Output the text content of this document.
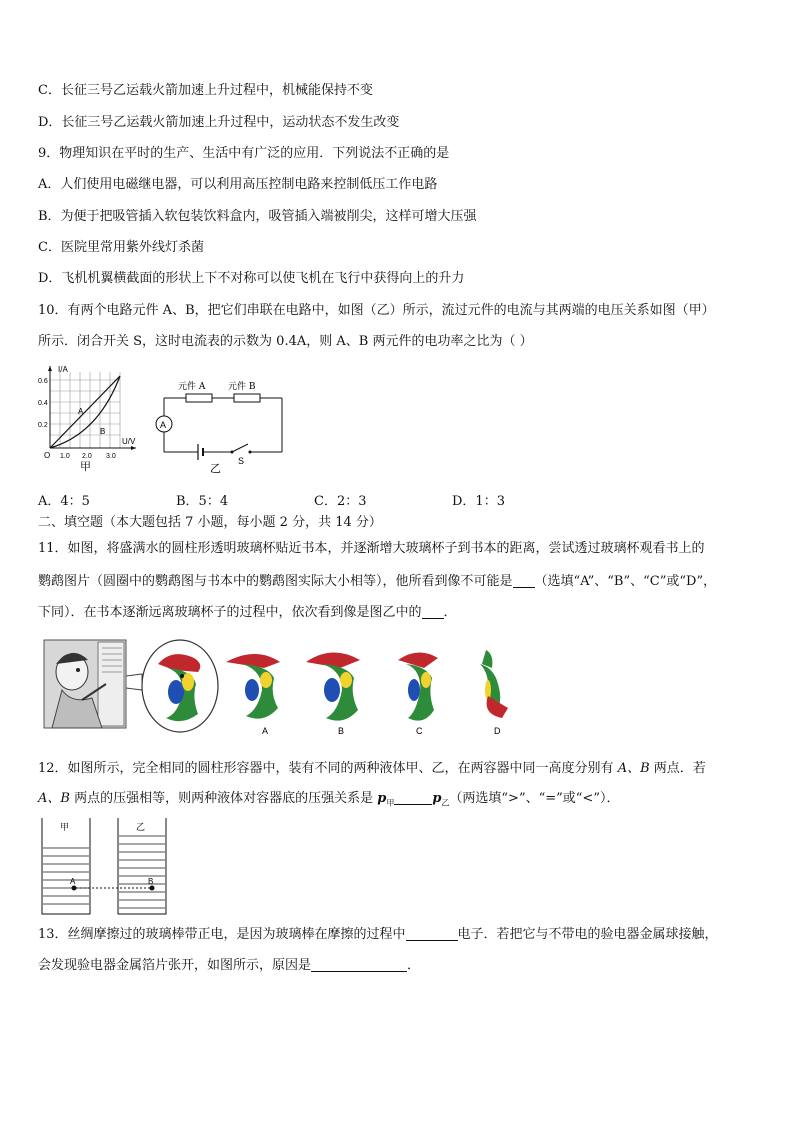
C．长征三号乙运载火箭加速上升过程中，机械能保持不变
D．长征三号乙运载火箭加速上升过程中，运动状态不发生改变
9．物理知识在平时的生产、生活中有广泛的应用．下列说法不正确的是
A．人们使用电磁继电器，可以利用高压控制电路来控制低压工作电路
B．为便于把吸管插入软包装饮料盒内，吸管插入端被削尖，这样可增大压强
C．医院里常用紫外线灯杀菌
D．飞机机翼横截面的形状上下不对称可以使飞机在飞行中获得向上的升力
10．有两个电路元件 A、B，把它们串联在电路中，如图（乙）所示，流过元件的电流与其两端的电压关系如图（甲）
所示．闭合开关 S，这时电流表的示数为 0.4A，则 A、B 两元件的电功率之比为（ ）
I/A
U/V
0.6
0.4
0.2
1.0 2.0 3.0
O
A
B
甲
元件 A	元件 B
A
S
乙
A．4：5	B．5：4	C．2：3	D．1：3
二、填空题（本大题包括 7 小题，每小题 2 分，共 14 分）
11．如图，将盛满水的圆柱形透明玻璃杯贴近书本，并逐渐增大玻璃杯子到书本的距离，尝试透过玻璃杯观看书上的
鹦鹉图片（圆圈中的鹦鹉图与书本中的鹦鹉图实际大小相等），他所看到像不可能是 （选填“A”、“B”、“C”或“D”，
下同）．在书本逐渐远离玻璃杯子的过程中，依次看到像是图乙中的 ．
A	B	C	D
12．如图所示，完全相同的圆柱形容器中，装有不同的两种液体甲、乙，在两容器中同一高度分别有 A、B 两点．若
A、B 两点的压强相等，则两种液体对容器底的压强关系是 $p_甲$	$p_乙$（两选填“>”、“=”或“<”）．
甲	乙
A	B
13．丝绸摩擦过的玻璃棒带正电，是因为玻璃棒在摩擦的过程中	电子．若把它与不带电的验电器金属球接触，
会发现验电器金属箔片张开，如图所示，原因是	．
